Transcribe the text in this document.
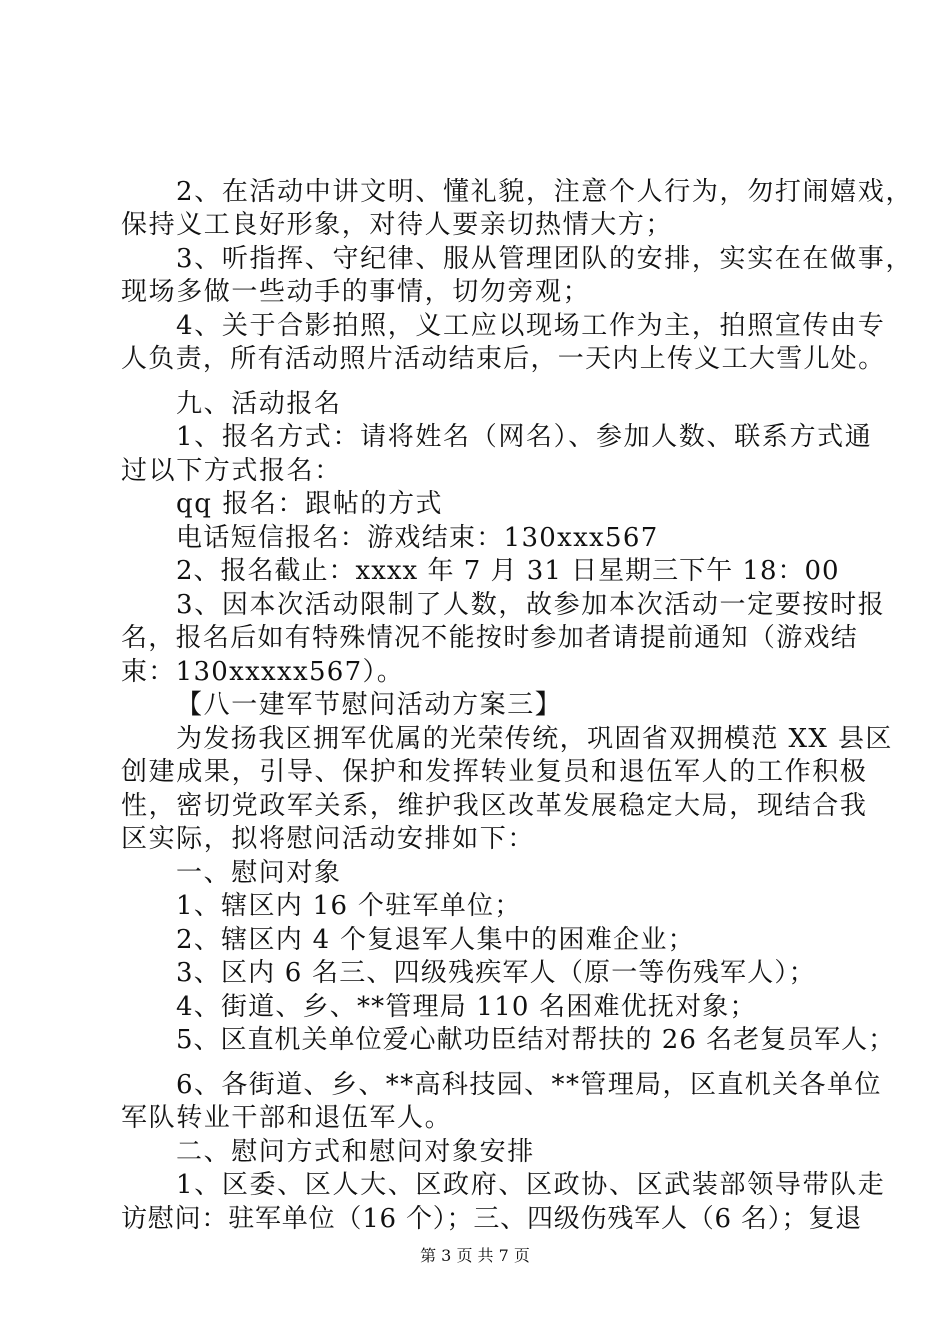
2、在活动中讲文明、懂礼貌，注意个人行为，勿打闹嬉戏，
保持义工良好形象，对待人要亲切热情大方；
3、听指挥、守纪律、服从管理团队的安排，实实在在做事，
现场多做一些动手的事情，切勿旁观；
4、关于合影拍照，义工应以现场工作为主，拍照宣传由专
人负责，所有活动照片活动结束后，一天内上传义工大雪儿处。
九、活动报名
1、报名方式：请将姓名（网名）、参加人数、联系方式通
过以下方式报名：
qq 报名：跟帖的方式
电话短信报名：游戏结束：130xxx567
2、报名截止：xxxx 年 7 月 31 日星期三下午 18：00
3、因本次活动限制了人数，故参加本次活动一定要按时报
名，报名后如有特殊情况不能按时参加者请提前通知（游戏结
束：130xxxxx567）。
【八一建军节慰问活动方案三】
为发扬我区拥军优属的光荣传统，巩固省双拥模范 XX 县区
创建成果，引导、保护和发挥转业复员和退伍军人的工作积极
性，密切党政军关系，维护我区改革发展稳定大局，现结合我
区实际，拟将慰问活动安排如下：
一、慰问对象
1、辖区内 16 个驻军单位；
2、辖区内 4 个复退军人集中的困难企业；
3、区内 6 名三、四级残疾军人（原一等伤残军人）；
4、街道、乡、**管理局 110 名困难优抚对象；
5、区直机关单位爱心献功臣结对帮扶的 26 名老复员军人；
6、各街道、乡、**高科技园、**管理局，区直机关各单位
军队转业干部和退伍军人。
二、慰问方式和慰问对象安排
1、区委、区人大、区政府、区政协、区武装部领导带队走
访慰问：驻军单位（16 个）；三、四级伤残军人（6 名）；复退
第 3 页 共 7 页
